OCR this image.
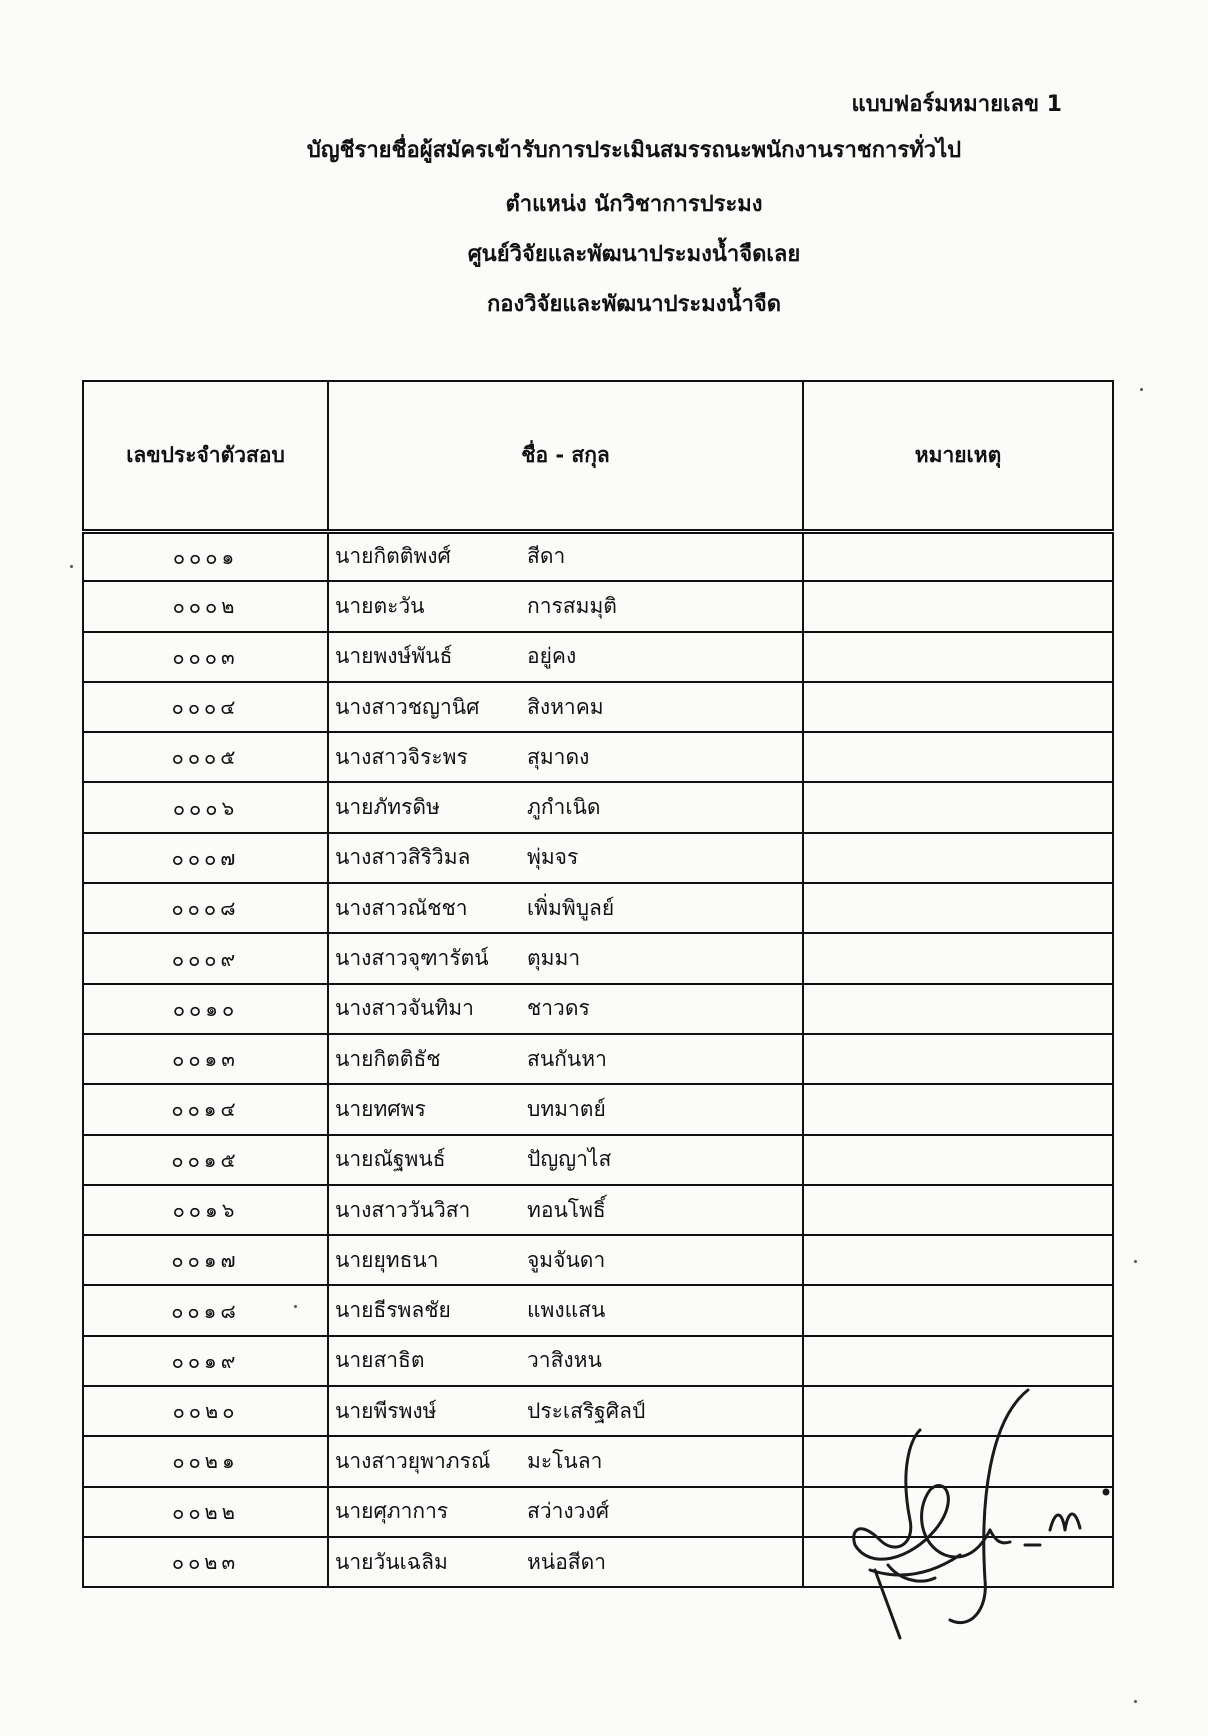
แบบฟอร์มหมายเลข 1
บัญชีรายชื่อผู้สมัครเข้ารับการประเมินสมรรถนะพนักงานราชการทั่วไป
ตำแหน่ง นักวิชาการประมง
ศูนย์วิจัยและพัฒนาประมงน้ำจืดเลย
กองวิจัยและพัฒนาประมงน้ำจืด
เลขประจำตัวสอบ	ชื่อ - สกุล	หมายเหตุ
๐๐๐๑	นายกิตติพงศ์ สีดา	
๐๐๐๒	นายตะวัน การสมมุติ	
๐๐๐๓	นายพงษ์พันธ์ อยู่คง	
๐๐๐๔	นางสาวชญานิศ สิงหาคม	
๐๐๐๕	นางสาวจิระพร สุมาดง	
๐๐๐๖	นายภัทรดิษ ภูกำเนิด	
๐๐๐๗	นางสาวสิริวิมล พุ่มจร	
๐๐๐๘	นางสาวณัชชา เพิ่มพิบูลย์	
๐๐๐๙	นางสาวจุฑารัตน์ ตุมมา	
๐๐๑๐	นางสาวจันทิมา ชาวดร	
๐๐๑๓	นายกิตติธัช สนกันหา	
๐๐๑๔	นายทศพร บทมาตย์	
๐๐๑๕	นายณัฐพนธ์ ปัญญาไส	
๐๐๑๖	นางสาววันวิสา ทอนโพธิ์	
๐๐๑๗	นายยุทธนา จูมจันดา	
๐๐๑๘	นายธีรพลชัย แพงแสน	
๐๐๑๙	นายสาธิต วาสิงหน	
๐๐๒๐	นายพีรพงษ์ ประเสริฐศิลป์	
๐๐๒๑	นางสาวยุพาภรณ์ มะโนลา	
๐๐๒๒	นายศุภาการ สว่างวงศ์	
๐๐๒๓	นายวันเฉลิม หน่อสีดา	
